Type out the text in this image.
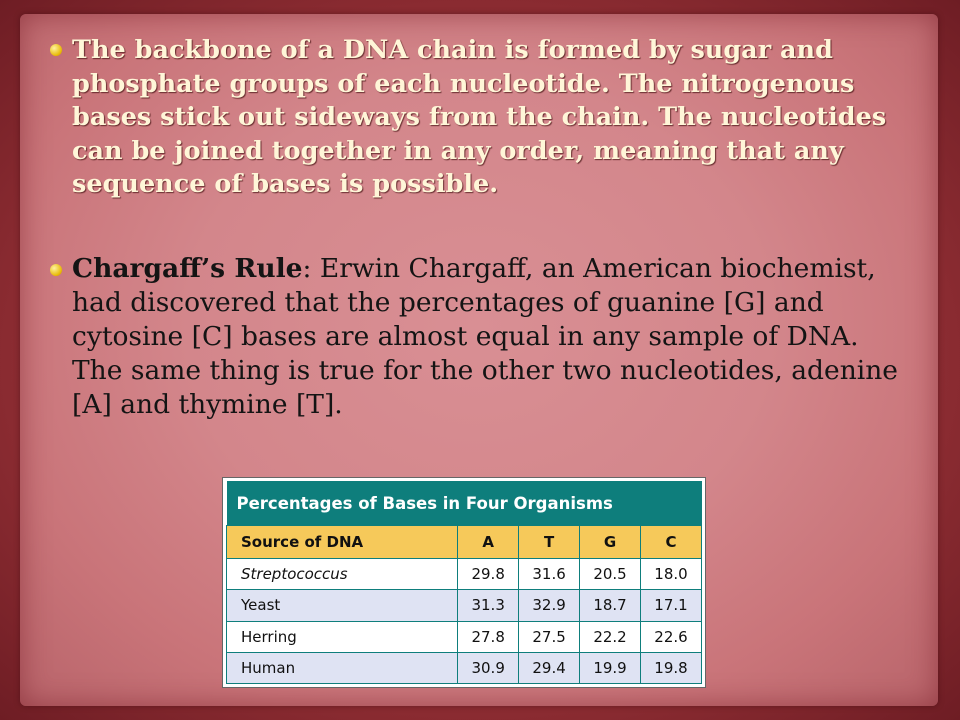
The backbone of a DNA chain is formed by sugar and phosphate groups of each nucleotide. The nitrogenous bases stick out sideways from the chain. The nucleotides can be joined together in any order, meaning that any sequence of bases is possible.
Chargaff’s Rule: Erwin Chargaff, an American biochemist, had discovered that the percentages of guanine [G] and cytosine [C] bases are almost equal in any sample of DNA. The same thing is true for the other two nucleotides, adenine [A] and thymine [T].
Percentages of Bases in Four Organisms				
Source of DNA	A	T	G	C
Streptococcus	29.8	31.6	20.5	18.0
Yeast	31.3	32.9	18.7	17.1
Herring	27.8	27.5	22.2	22.6
Human	30.9	29.4	19.9	19.8
